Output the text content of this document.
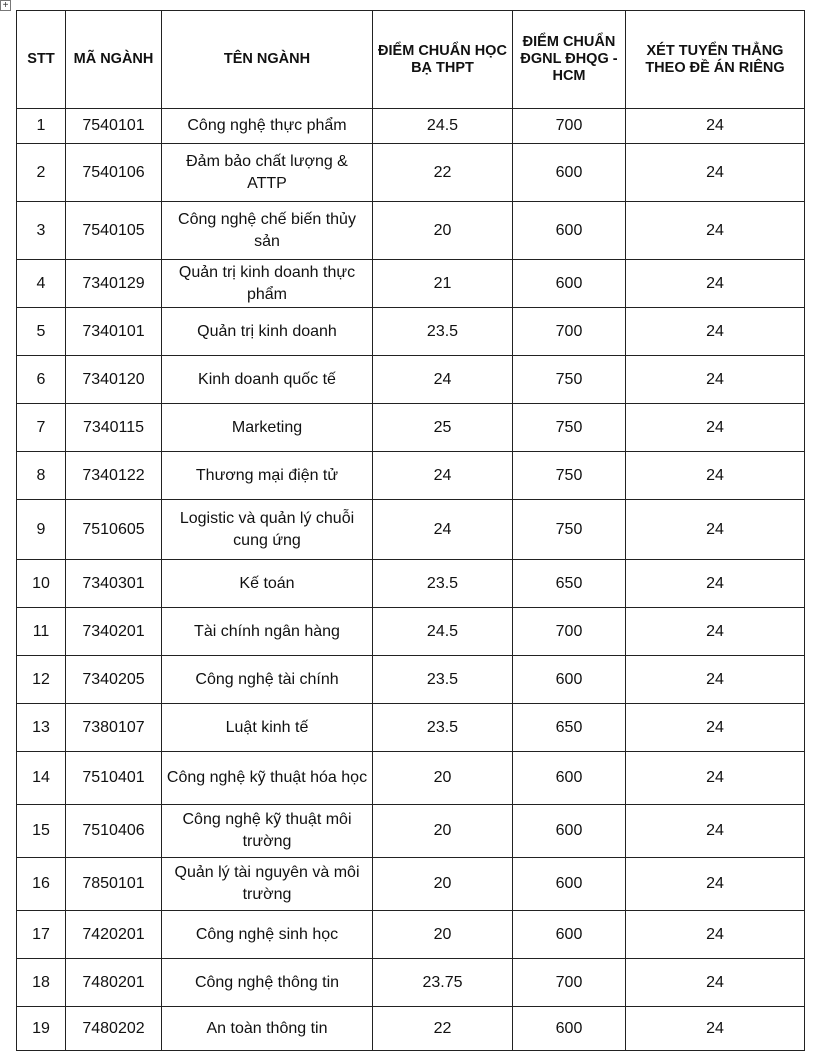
+
STT	MÃ NGÀNH	TÊN NGÀNH	ĐIỂM CHUẨN HỌC BẠ THPT	ĐIỂM CHUẨN ĐGNL ĐHQG - HCM	XÉT TUYỂN THẲNG THEO ĐỀ ÁN RIÊNG
1	7540101	Công nghệ thực phẩm	24.5	700	24
2	7540106	Đảm bảo chất lượng & ATTP	22	600	24
3	7540105	Công nghệ chế biến thủy sản	20	600	24
4	7340129	Quản trị kinh doanh thực phẩm	21	600	24
5	7340101	Quản trị kinh doanh	23.5	700	24
6	7340120	Kinh doanh quốc tế	24	750	24
7	7340115	Marketing	25	750	24
8	7340122	Thương mại điện tử	24	750	24
9	7510605	Logistic và quản lý chuỗi cung ứng	24	750	24
10	7340301	Kế toán	23.5	650	24
11	7340201	Tài chính ngân hàng	24.5	700	24
12	7340205	Công nghệ tài chính	23.5	600	24
13	7380107	Luật kinh tế	23.5	650	24
14	7510401	Công nghệ kỹ thuật hóa học	20	600	24
15	7510406	Công nghệ kỹ thuật môi trường	20	600	24
16	7850101	Quản lý tài nguyên và môi trường	20	600	24
17	7420201	Công nghệ sinh học	20	600	24
18	7480201	Công nghệ thông tin	23.75	700	24
19	7480202	An toàn thông tin	22	600	24
